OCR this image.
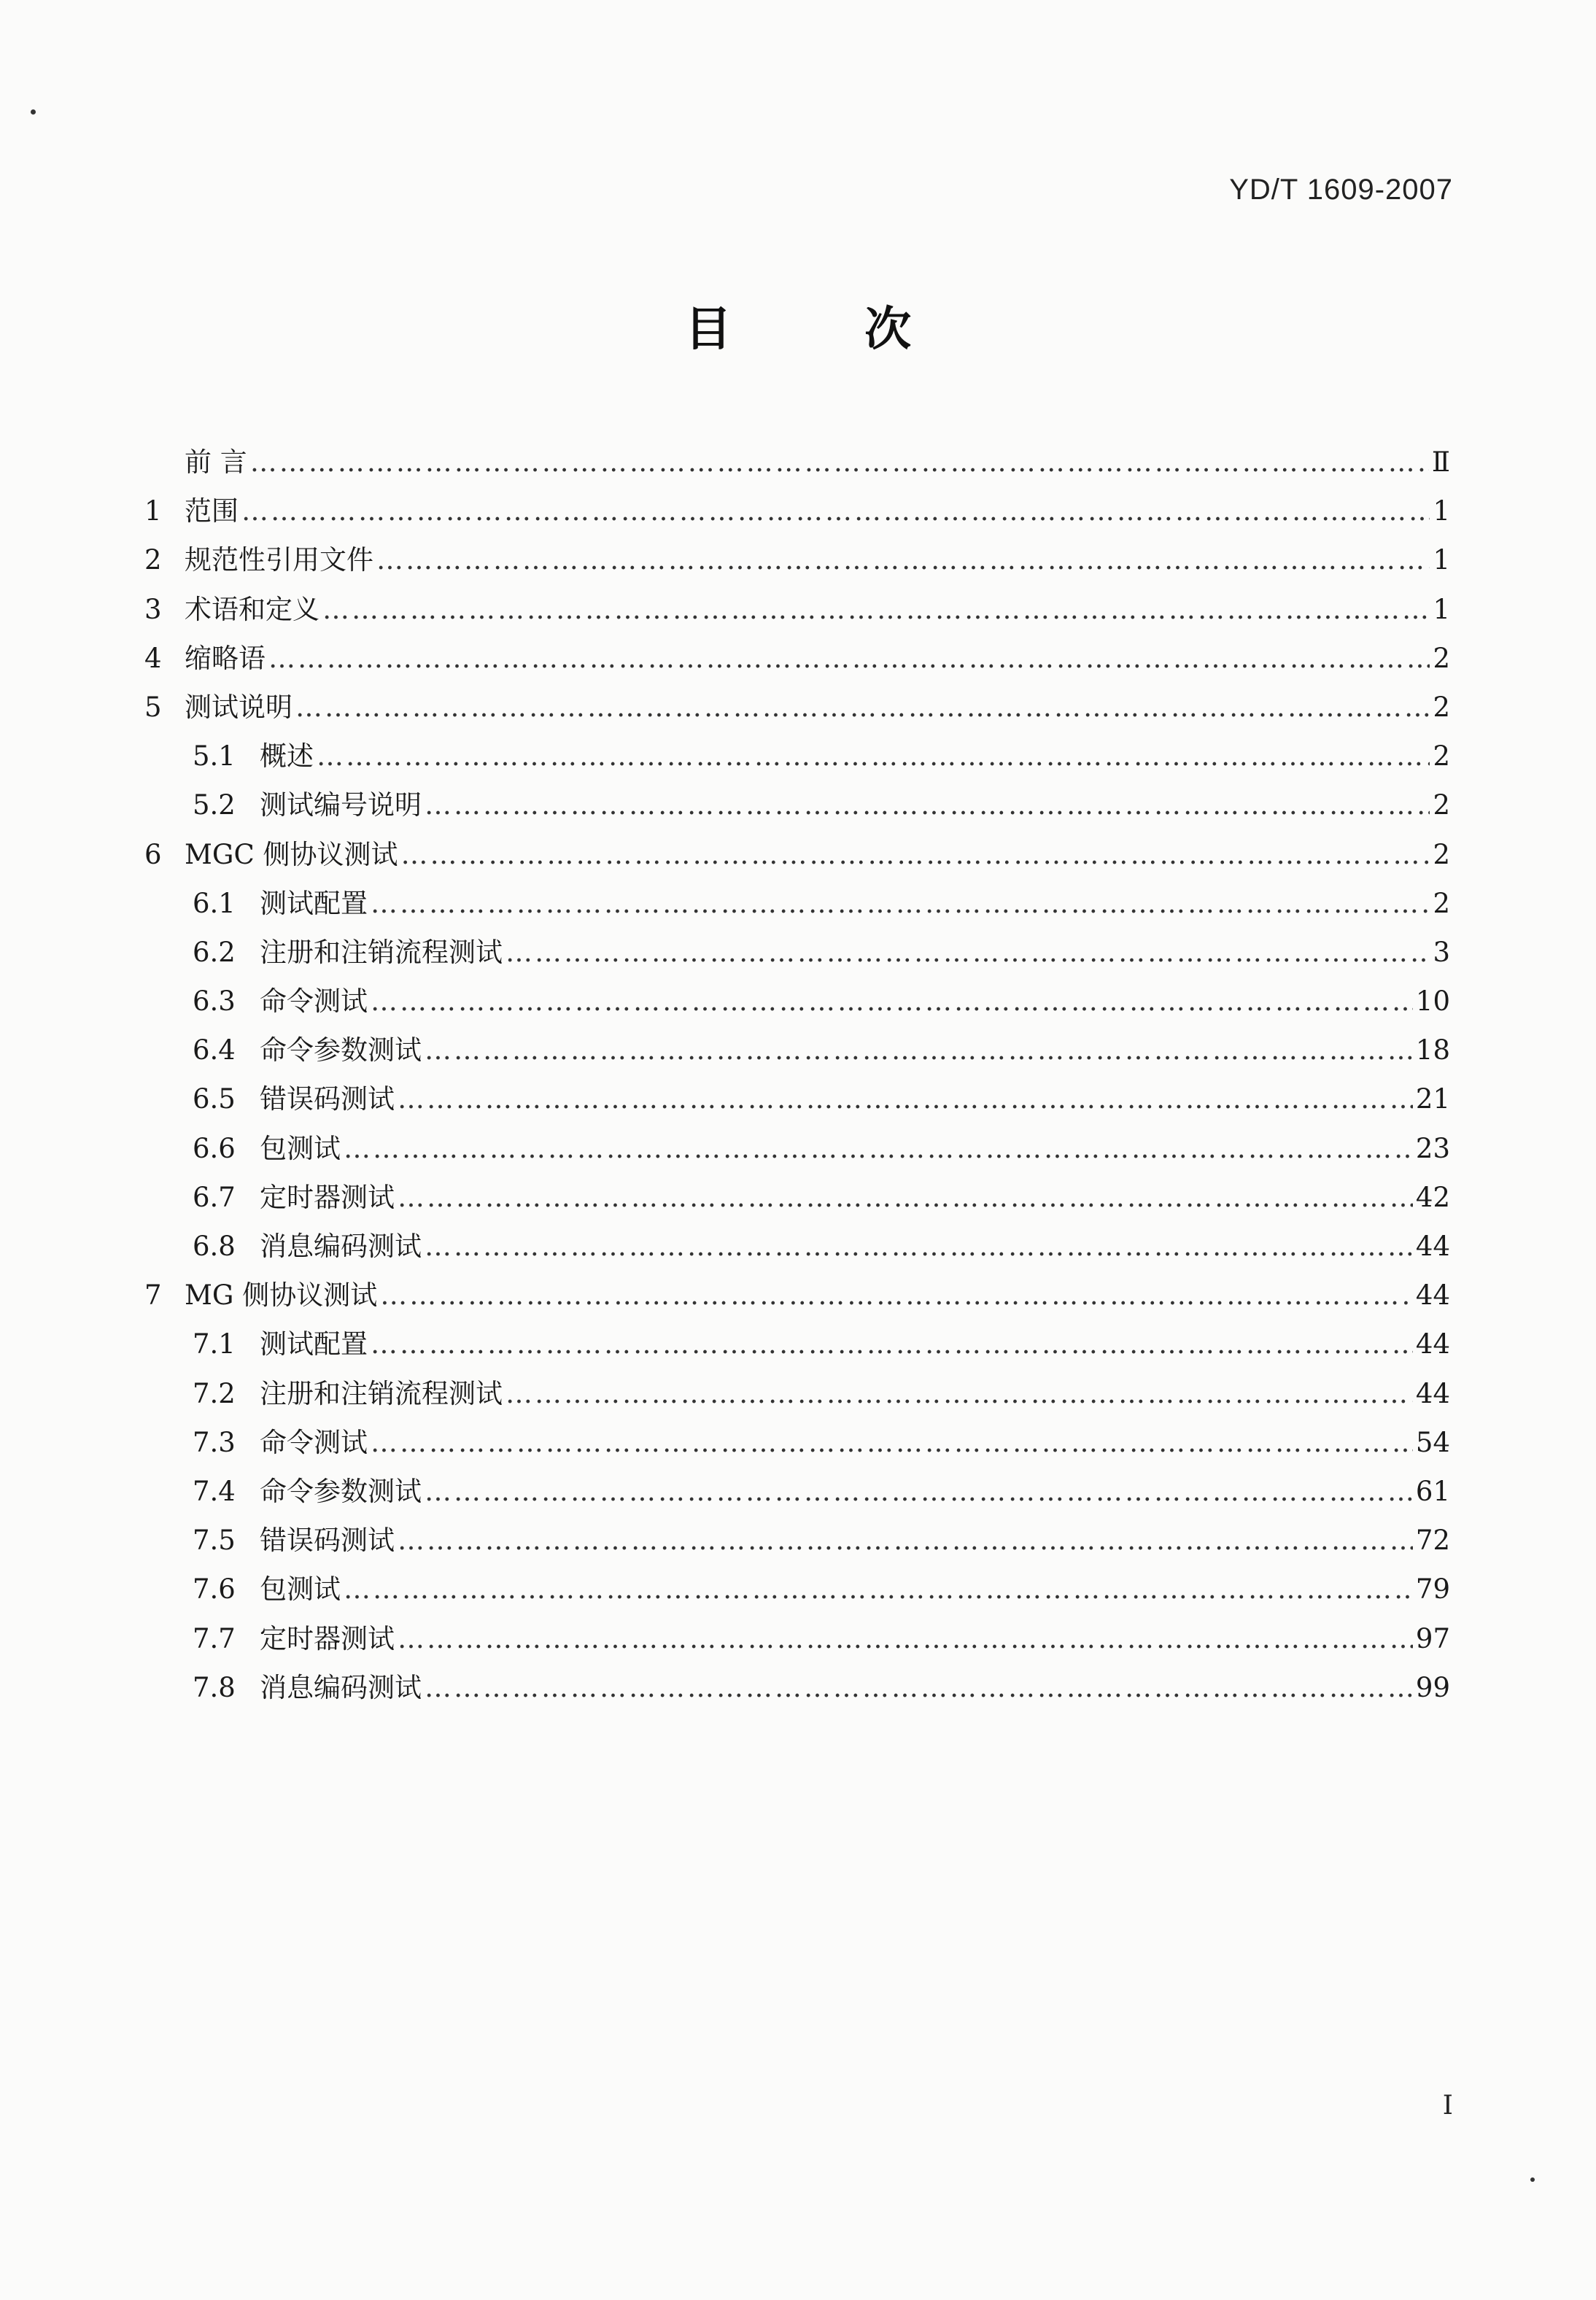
YD/T 1609-2007
目 次
前 言 ……………………………………………………………………………………………………………………………………………………………………………………………………………………………………………………………………………………………………………	Ⅱ
1 范围 ……………………………………………………………………………………………………………………………………………………………………………………………………………………………………………………………………………………………………………	1
2 规范性引用文件 ……………………………………………………………………………………………………………………………………………………………………………………………………………………………………………………………………………………………………………	1
3 术语和定义 ……………………………………………………………………………………………………………………………………………………………………………………………………………………………………………………………………………………………………………	1
4 缩略语 ……………………………………………………………………………………………………………………………………………………………………………………………………………………………………………………………………………………………………………	2
5 测试说明 ……………………………………………………………………………………………………………………………………………………………………………………………………………………………………………………………………………………………………………	2
5.1 概述 ……………………………………………………………………………………………………………………………………………………………………………………………………………………………………………………………………………………………………………	2
5.2 测试编号说明 ……………………………………………………………………………………………………………………………………………………………………………………………………………………………………………………………………………………………………………	2
6 MGC 侧协议测试 ……………………………………………………………………………………………………………………………………………………………………………………………………………………………………………………………………………………………………………	2
6.1 测试配置 ……………………………………………………………………………………………………………………………………………………………………………………………………………………………………………………………………………………………………………	2
6.2 注册和注销流程测试 ……………………………………………………………………………………………………………………………………………………………………………………………………………………………………………………………………………………………………………	3
6.3 命令测试 ……………………………………………………………………………………………………………………………………………………………………………………………………………………………………………………………………………………………………………	10
6.4 命令参数测试 ……………………………………………………………………………………………………………………………………………………………………………………………………………………………………………………………………………………………………………	18
6.5 错误码测试 ……………………………………………………………………………………………………………………………………………………………………………………………………………………………………………………………………………………………………………	21
6.6 包测试 ……………………………………………………………………………………………………………………………………………………………………………………………………………………………………………………………………………………………………………	23
6.7 定时器测试 ……………………………………………………………………………………………………………………………………………………………………………………………………………………………………………………………………………………………………………	42
6.8 消息编码测试 ……………………………………………………………………………………………………………………………………………………………………………………………………………………………………………………………………………………………………………	44
7 MG 侧协议测试 ……………………………………………………………………………………………………………………………………………………………………………………………………………………………………………………………………………………………………………	44
7.1 测试配置 ……………………………………………………………………………………………………………………………………………………………………………………………………………………………………………………………………………………………………………	44
7.2 注册和注销流程测试 ……………………………………………………………………………………………………………………………………………………………………………………………………………………………………………………………………………………………………………	44
7.3 命令测试 ……………………………………………………………………………………………………………………………………………………………………………………………………………………………………………………………………………………………………………	54
7.4 命令参数测试 ……………………………………………………………………………………………………………………………………………………………………………………………………………………………………………………………………………………………………………	61
7.5 错误码测试 ……………………………………………………………………………………………………………………………………………………………………………………………………………………………………………………………………………………………………………	72
7.6 包测试 ……………………………………………………………………………………………………………………………………………………………………………………………………………………………………………………………………………………………………………	79
7.7 定时器测试 ……………………………………………………………………………………………………………………………………………………………………………………………………………………………………………………………………………………………………………	97
7.8 消息编码测试 ……………………………………………………………………………………………………………………………………………………………………………………………………………………………………………………………………………………………………………	99
I
